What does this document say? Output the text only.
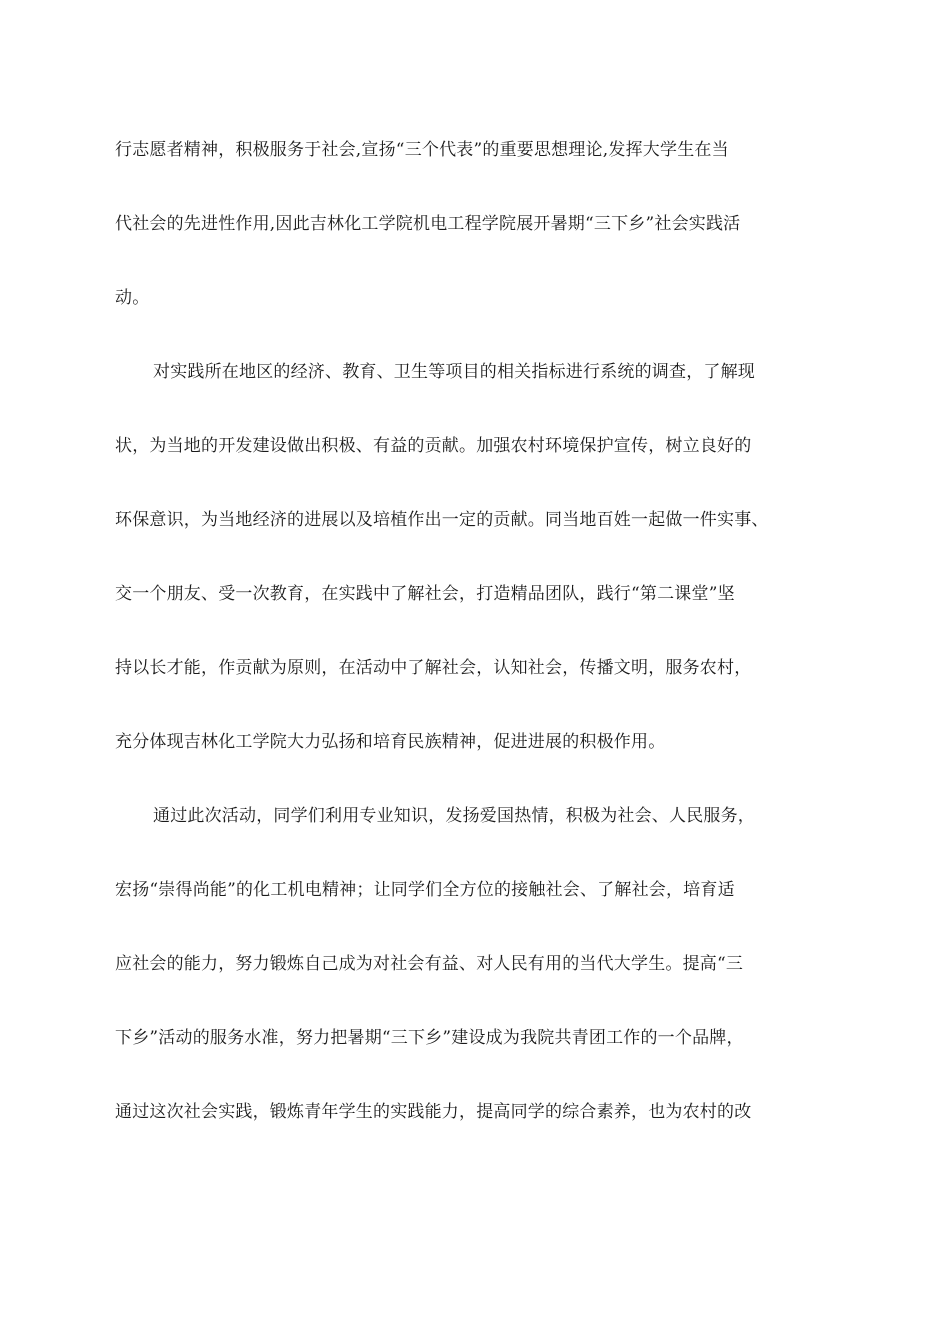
行志愿者精神，积极服务于社会,宣扬“三个代表”的重要思想理论,发挥大学生在当
代社会的先进性作用,因此吉林化工学院机电工程学院展开暑期“三下乡”社会实践活
动。
对实践所在地区的经济、教育、卫生等项目的相关指标进行系统的调查，了解现
状，为当地的开发建设做出积极、有益的贡献。加强农村环境保护宣传，树立良好的
环保意识，为当地经济的进展以及培植作出一定的贡献。同当地百姓一起做一件实事、
交一个朋友、受一次教育，在实践中了解社会，打造精品团队，践行“第二课堂”坚
持以长才能，作贡献为原则，在活动中了解社会，认知社会，传播文明，服务农村，
充分体现吉林化工学院大力弘扬和培育民族精神，促进进展的积极作用。
通过此次活动，同学们利用专业知识，发扬爱国热情，积极为社会、人民服务，
宏扬“崇得尚能”的化工机电精神；让同学们全方位的接触社会、了解社会，培育适
应社会的能力，努力锻炼自己成为对社会有益、对人民有用的当代大学生。提高“三
下乡”活动的服务水准，努力把暑期“三下乡”建设成为我院共青团工作的一个品牌，
通过这次社会实践，锻炼青年学生的实践能力，提高同学的综合素养，也为农村的改
